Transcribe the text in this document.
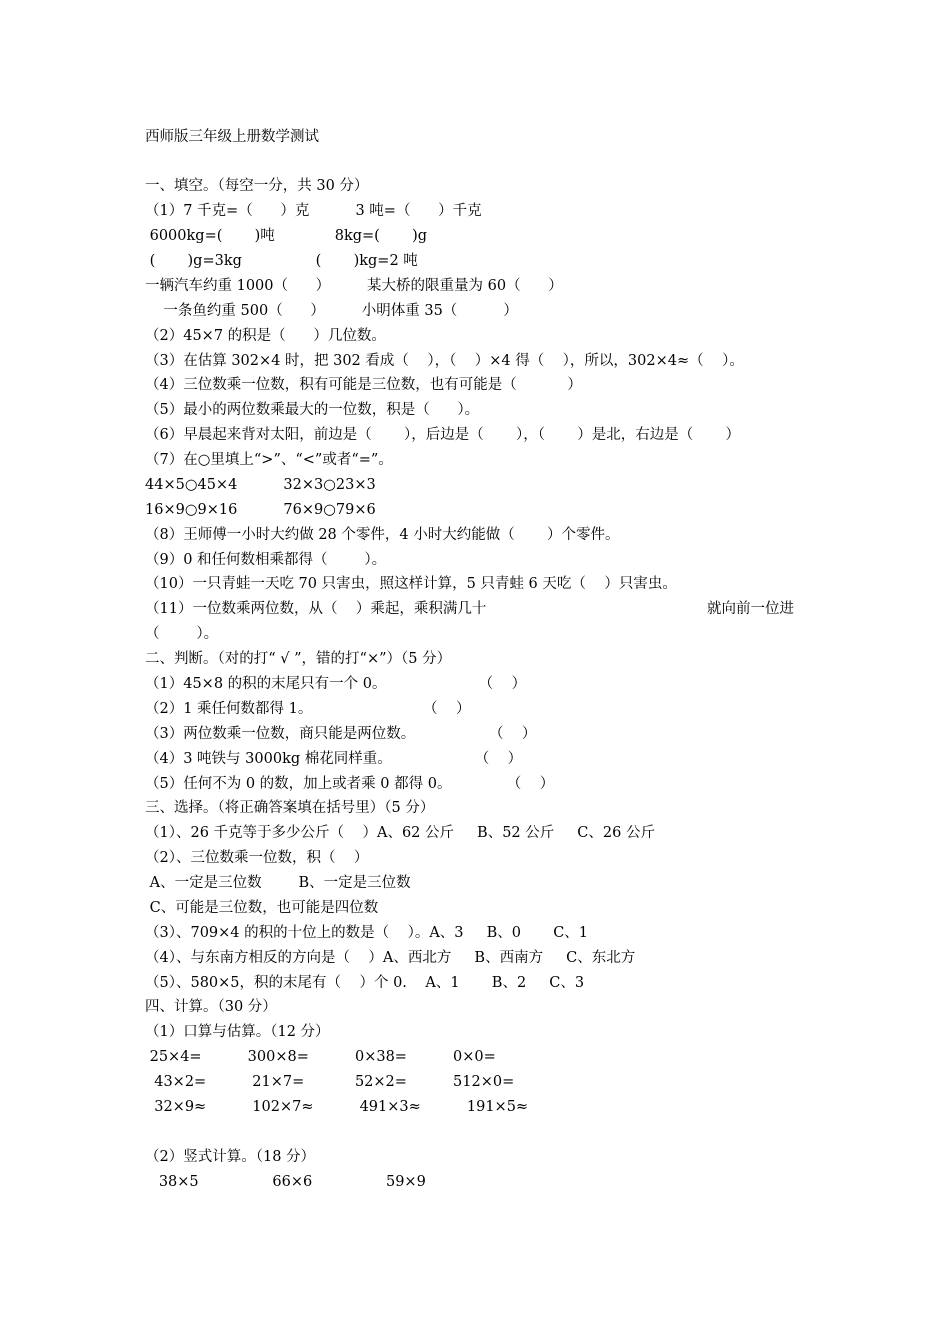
西师版三年级上册数学测试
一、填空。（每空一分，共 30 分）
（1）7 千克=（      ）克          3 吨=（      ）千克
6000kg=(       )吨             8kg=(       )g
(       )g=3kg                (       )kg=2 吨
一辆汽车约重 1000（      ）        某大桥的限重量为 60（      ）
一条鱼约重 500（      ）        小明体重 35（          ）
（2）45×7 的积是（      ）几位数。
（3）在估算 302×4 时，把 302 看成（    ），（    ）×4 得（    ），所以，302×4≈（    ）。
（4）三位数乘一位数，积有可能是三位数，也有可能是（           ）
（5）最小的两位数乘最大的一位数，积是（      ）。
（6）早晨起来背对太阳，前边是（       ），后边是（       ），（       ）是北，右边是（       ）
（7）在○里填上“>”、“<”或者“=”。
44×5○45×4          32×3○23×3
16×9○9×16          76×9○79×6
（8）王师傅一小时大约做 28 个零件，4 小时大约能做（       ）个零件。
（9）0 和任何数相乘都得（        ）。
（10）一只青蛙一天吃 70 只害虫，照这样计算，5 只青蛙 6 天吃（    ）只害虫。
（11）一位数乘两位数，从（    ）乘起，乘积满几十	就向前一位进
（        ）。
二、判断。（对的打“ √ ”，错的打“×”）（5 分）
（1）45×8 的积的末尾只有一个 0。                    （    ）
（2）1 乘任何数都得 1。                        （    ）
（3）两位数乘一位数，商只能是两位数。                （    ）
（4）3 吨铁与 3000kg 棉花同样重。                  （    ）
（5）任何不为 0 的数，加上或者乘 0 都得 0。            （    ）
三、选择。（将正确答案填在括号里）（5 分）
（1）、26 千克等于多少公斤（    ）A、62 公斤     B、52 公斤     C、26 公斤
（2）、三位数乘一位数，积（    ）
A、一定是三位数        B、一定是三位数
C、可能是三位数，也可能是四位数
（3）、709×4 的积的十位上的数是（    ）。A、3     B、0       C、1
（4）、与东南方相反的方向是（    ）A、西北方     B、西南方     C、东北方
（5）、580×5，积的末尾有（    ）个 0.    A、1       B、2     C、3
四、计算。（30 分）
（1）口算与估算。（12 分）
25×4=          300×8=          0×38=          0×0=
43×2=          21×7=           52×2=          512×0=
32×9≈          102×7≈          491×3≈          191×5≈
（2）竖式计算。（18 分）
38×5                66×6                59×9
